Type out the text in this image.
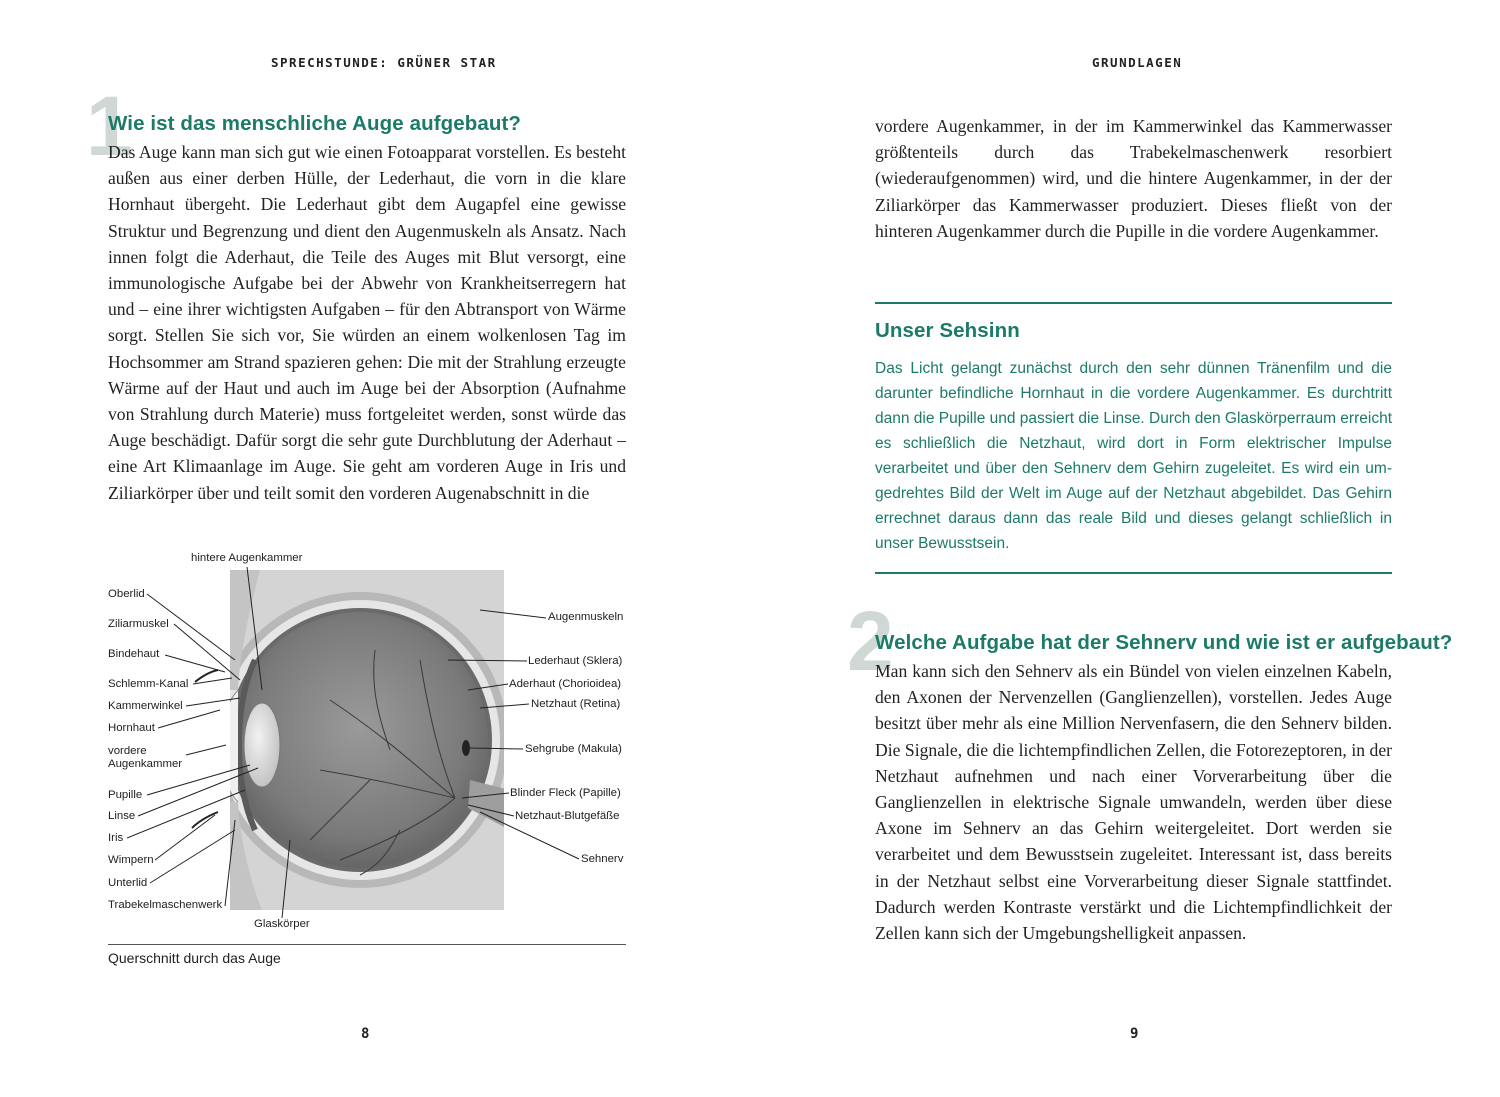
SPRECHSTUNDE: GRÜNER STAR
1
Wie ist das menschliche Auge aufgebaut?
Das Auge kann man sich gut wie einen Fotoapparat vorstellen. Es besteht außen aus einer derben Hülle, der Lederhaut, die vorn in die klare Hornhaut übergeht. Die Lederhaut gibt dem Augapfel eine gewisse Struktur und Begrenzung und dient den Augenmuskeln als Ansatz. Nach innen folgt die Aderhaut, die Teile des Auges mit Blut versorgt, eine immunologische Aufgabe bei der Abwehr von Krankheitserregern hat und – eine ihrer wichtigsten Aufgaben – für den Abtransport von Wärme sorgt. Stellen Sie sich vor, Sie würden an einem wolkenlosen Tag im Hochsommer am Strand spazieren gehen: Die mit der Strahlung erzeugte Wärme auf der Haut und auch im Auge bei der Absorption (Aufnahme von Strahlung durch Materie) muss fortgeleitet werden, sonst würde das Auge beschädigt. Dafür sorgt die sehr gute Durchblutung der Aderhaut – eine Art Klimaanlage im Auge. Sie geht am vorderen Auge in Iris und Ziliarkörper über und teilt somit den vorderen Augenabschnitt in die
hintere Augenkammer
Oberlid
Ziliarmuskel
Bindehaut
Schlemm-Kanal
Kammerwinkel
Hornhaut
vordere
Augenkammer
Pupille
Linse
Iris
Wimpern
Unterlid
Trabekelmaschenwerk
Glaskörper
Augenmuskeln
Lederhaut (Sklera)
Aderhaut (Chorioidea)
Netzhaut (Retina)
Sehgrube (Makula)
Blinder Fleck (Papille)
Netzhaut-Blutgefäße
Sehnerv
Querschnitt durch das Auge
8
GRUNDLAGEN
vordere Augenkammer, in der im Kammerwinkel das Kammerwasser größtenteils durch das Trabekelmaschenwerk resorbiert (wiederaufgenommen) wird, und die hintere Augenkammer, in der der Ziliarkörper das Kammerwasser produziert. Dieses fließt von der hinteren Augenkammer durch die Pupille in die vordere Augenkammer.
Unser Sehsinn
Das Licht gelangt zunächst durch den sehr dünnen Tränenfilm und die darunter befindliche Hornhaut in die vordere Augenkammer. Es durchtritt dann die Pupille und passiert die Linse. Durch den Glaskörperraum erreicht es schließlich die Netzhaut, wird dort in Form elektrischer Impulse verarbeitet und über den Sehnerv dem Gehirn zugeleitet. Es wird ein umgedrehtes Bild der Welt im Auge auf der Netzhaut abgebildet. Das Gehirn errechnet daraus dann das reale Bild und dieses gelangt schließlich in unser Bewusstsein.
2
Welche Aufgabe hat der Sehnerv und wie ist er aufgebaut?
Man kann sich den Sehnerv als ein Bündel von vielen einzelnen Kabeln, den Axonen der Nervenzellen (Ganglienzellen), vorstellen. Jedes Auge besitzt über mehr als eine Million Nervenfasern, die den Sehnerv bilden. Die Signale, die die lichtempfindlichen Zellen, die Fotorezeptoren, in der Netzhaut aufnehmen und nach einer Vorverarbeitung über die Ganglienzellen in elektrische Signale umwandeln, werden über diese Axone im Sehnerv an das Gehirn weitergeleitet. Dort werden sie verarbeitet und dem Bewusstsein zugeleitet. Interessant ist, dass bereits in der Netzhaut selbst eine Vorverarbeitung dieser Signale stattfindet. Dadurch werden Kontraste verstärkt und die Lichtempfindlichkeit der Zellen kann sich der Umgebungshelligkeit anpassen.
9
